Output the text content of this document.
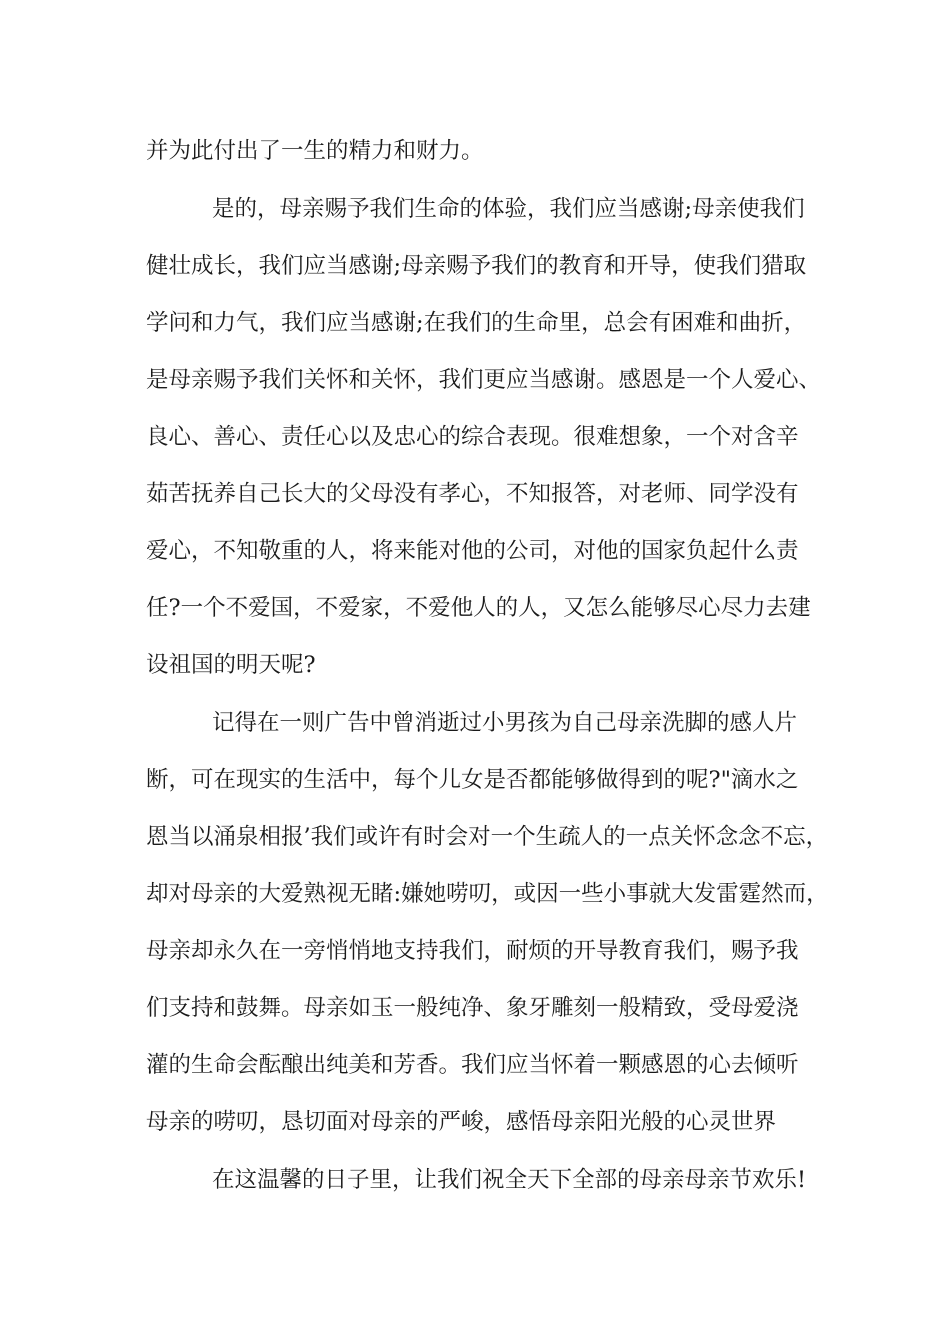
并为此付出了一生的精力和财力。
是的，母亲赐予我们生命的体验，我们应当感谢;母亲使我们
健壮成长，我们应当感谢;母亲赐予我们的教育和开导，使我们猎取
学问和力气，我们应当感谢;在我们的生命里，总会有困难和曲折，
是母亲赐予我们关怀和关怀，我们更应当感谢。感恩是一个人爱心、
良心、善心、责任心以及忠心的综合表现。很难想象，一个对含辛
茹苦抚养自己长大的父母没有孝心，不知报答，对老师、同学没有
爱心，不知敬重的人，将来能对他的公司，对他的国家负起什么责
任?一个不爱国，不爱家，不爱他人的人，又怎么能够尽心尽力去建
设祖国的明天呢?
记得在一则广告中曾消逝过小男孩为自己母亲洗脚的感人片
断，可在现实的生活中，每个儿女是否都能够做得到的呢?"滴水之
恩当以涌泉相报’我们或许有时会对一个生疏人的一点关怀念念不忘，
却对母亲的大爱熟视无睹:嫌她唠叨，或因一些小事就大发雷霆然而，
母亲却永久在一旁悄悄地支持我们，耐烦的开导教育我们，赐予我
们支持和鼓舞。母亲如玉一般纯净、象牙雕刻一般精致，受母爱浇
灌的生命会酝酿出纯美和芳香。我们应当怀着一颗感恩的心去倾听
母亲的唠叨，恳切面对母亲的严峻，感悟母亲阳光般的心灵世界
在这温馨的日子里，让我们祝全天下全部的母亲母亲节欢乐!
